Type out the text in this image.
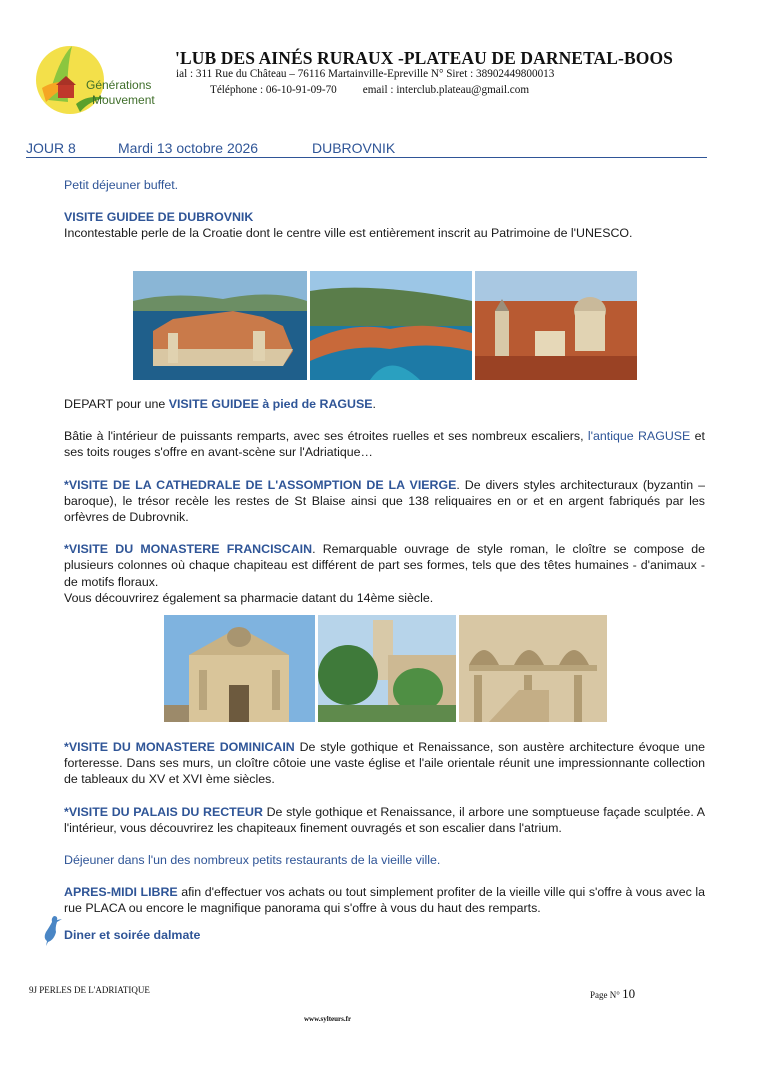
Générations
Mouvement
'LUB DES AINÉS RURAUX -PLATEAU DE DARNETAL-BOOS
ial : 311 Rue du Château – 76116 Martainville-Epreville N° Siret : 38902449800013
Téléphone : 06-10-91-09-70 email : interclub.plateau@gmail.com
JOUR 8	Mardi 13 octobre 2026	DUBROVNIK

Petit déjeuner buffet.

VISITE GUIDEE DE DUBROVNIK

Incontestable perle de la Croatie dont le centre ville est entièrement inscrit au Patrimoine de l'UNESCO.

DEPART pour une VISITE GUIDEE à pied de RAGUSE.

Bâtie à l'intérieur de puissants remparts, avec ses étroites ruelles et ses nombreux escaliers, l'antique RAGUSE et ses toits rouges s'offre en avant-scène sur l'Adriatique…

*VISITE DE LA CATHEDRALE DE L'ASSOMPTION DE LA VIERGE. De divers styles architecturaux (byzantin – baroque), le trésor recèle les restes de St Blaise ainsi que 138 reliquaires en or et en argent fabriqués par les orfèvres de Dubrovnik.

*VISITE DU MONASTERE FRANCISCAIN. Remarquable ouvrage de style roman, le cloître se compose de plusieurs colonnes où chaque chapiteau est différent de part ses formes, tels que des têtes humaines - d'animaux - de motifs floraux.

Vous découvrirez également sa pharmacie datant du 14ème siècle.

*VISITE DU MONASTERE DOMINICAIN De style gothique et Renaissance, son austère architecture évoque une forteresse. Dans ses murs, un cloître côtoie une vaste église et l'aile orientale réunit une impressionnante collection de tableaux du XV et XVI ème siècles.

*VISITE DU PALAIS DU RECTEUR De style gothique et Renaissance, il arbore une somptueuse façade sculptée. A l'intérieur, vous découvrirez les chapiteaux finement ouvragés et son escalier dans l'atrium.

Déjeuner dans l'un des nombreux petits restaurants de la vieille ville.

APRES-MIDI LIBRE afin d'effectuer vos achats ou tout simplement profiter de la vieille ville qui s'offre à vous avec la rue PLACA ou encore le magnifique panorama qui s'offre à vous du haut des remparts.

Diner et soirée dalmate
9J PERLES DE L'ADRIATIQUE	Page N° 10
www.sylteurs.fr
